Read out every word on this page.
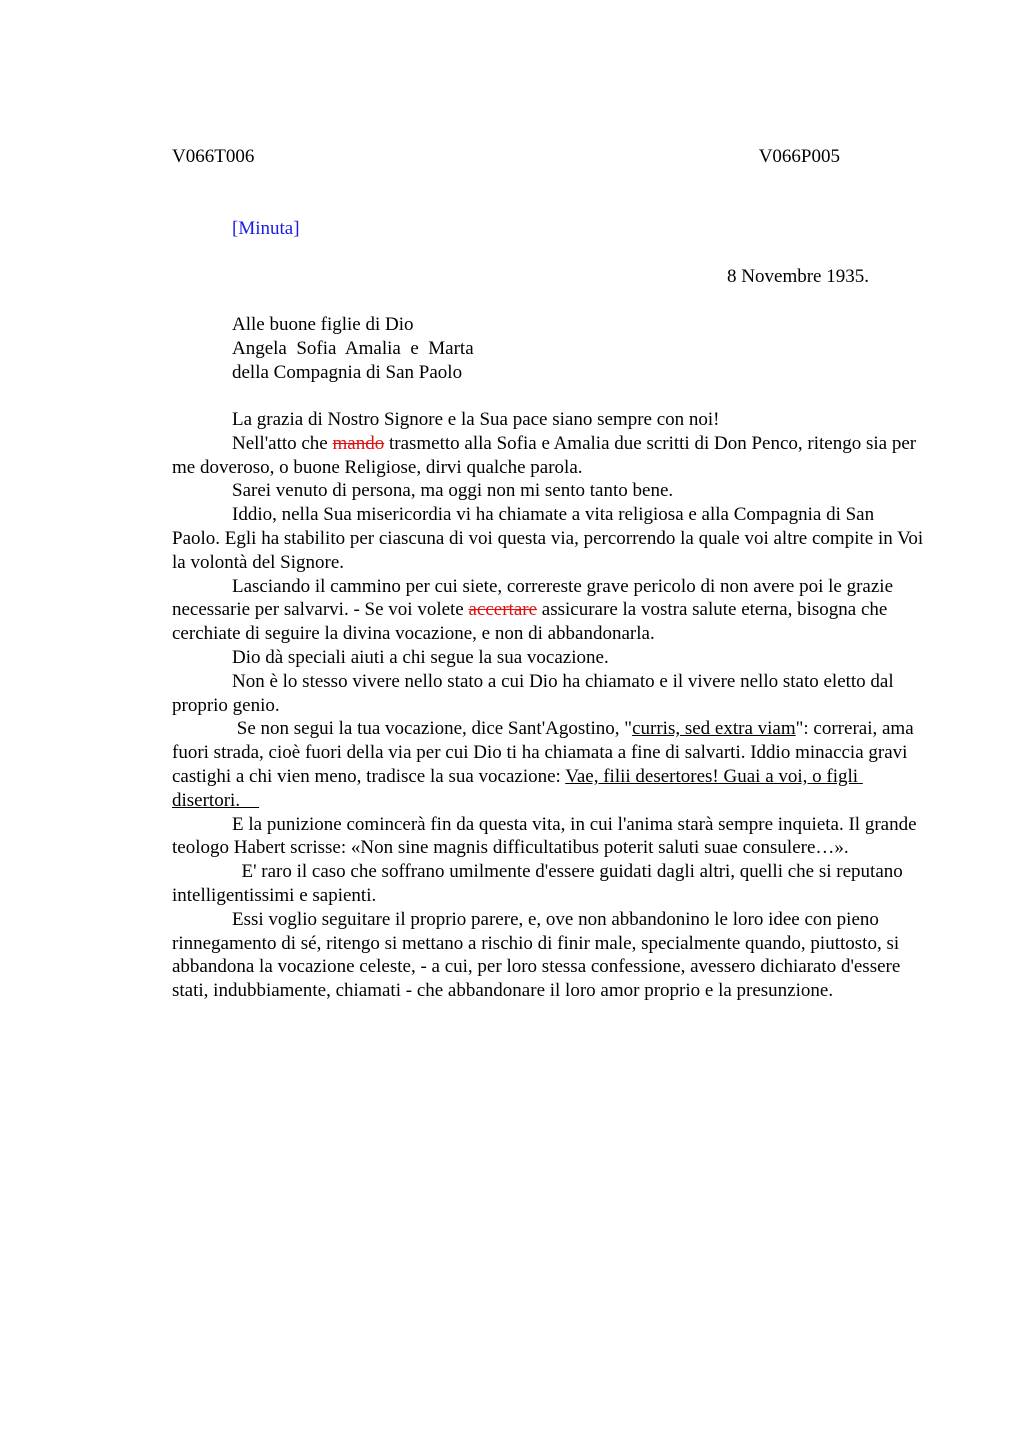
V066T006	V066P005
[Minuta]
8 Novembre 1935.
Alle buone figlie di Dio
Angela  Sofia  Amalia  e  Marta
della Compagnia di San Paolo

La grazia di Nostro Signore e la Sua pace siano sempre con noi!

Nell'atto che mando trasmetto alla Sofia e Amalia due scritti di Don Penco, ritengo sia per me doveroso, o buone Religiose, dirvi qualche parola.

Sarei venuto di persona, ma oggi non mi sento tanto bene.

Iddio, nella Sua misericordia vi ha chiamate a vita religiosa e alla Compagnia di San Paolo. Egli ha stabilito per ciascuna di voi questa via, percorrendo la quale voi altre compite in Voi la volontà del Signore.

Lasciando il cammino per cui siete, correreste grave pericolo di non avere poi le grazie necessarie per salvarvi. - Se voi volete accertare assicurare la vostra salute eterna, bisogna che cerchiate di seguire la divina vocazione, e non di abbandonarla.

Dio dà speciali aiuti a chi segue la sua vocazione.

Non è lo stesso vivere nello stato a cui Dio ha chiamato e il vivere nello stato eletto dal proprio genio.

Se non segui la tua vocazione, dice Sant'Agostino, "curris, sed extra viam": correrai, ama fuori strada, cioè fuori della via per cui Dio ti ha chiamata a fine di salvarti. Iddio minaccia gravi castighi a chi vien meno, tradisce la sua vocazione: Vae, filii desertores! Guai a voi, o figli disertori.

E la punizione comincerà fin da questa vita, in cui l'anima starà sempre inquieta. Il grande teologo Habert scrisse: «Non sine magnis difficultatibus poterit saluti suae consulere…».

E' raro il caso che soffrano umilmente d'essere guidati dagli altri, quelli che si reputano intelligentissimi e sapienti.

Essi voglio seguitare il proprio parere, e, ove non abbandonino le loro idee con pieno rinnegamento di sé, ritengo si mettano a rischio di finir male, specialmente quando, piuttosto, si abbandona la vocazione celeste, - a cui, per loro stessa confessione, avessero dichiarato d'essere stati, indubbiamente, chiamati - che abbandonare il loro amor proprio e la presunzione.
